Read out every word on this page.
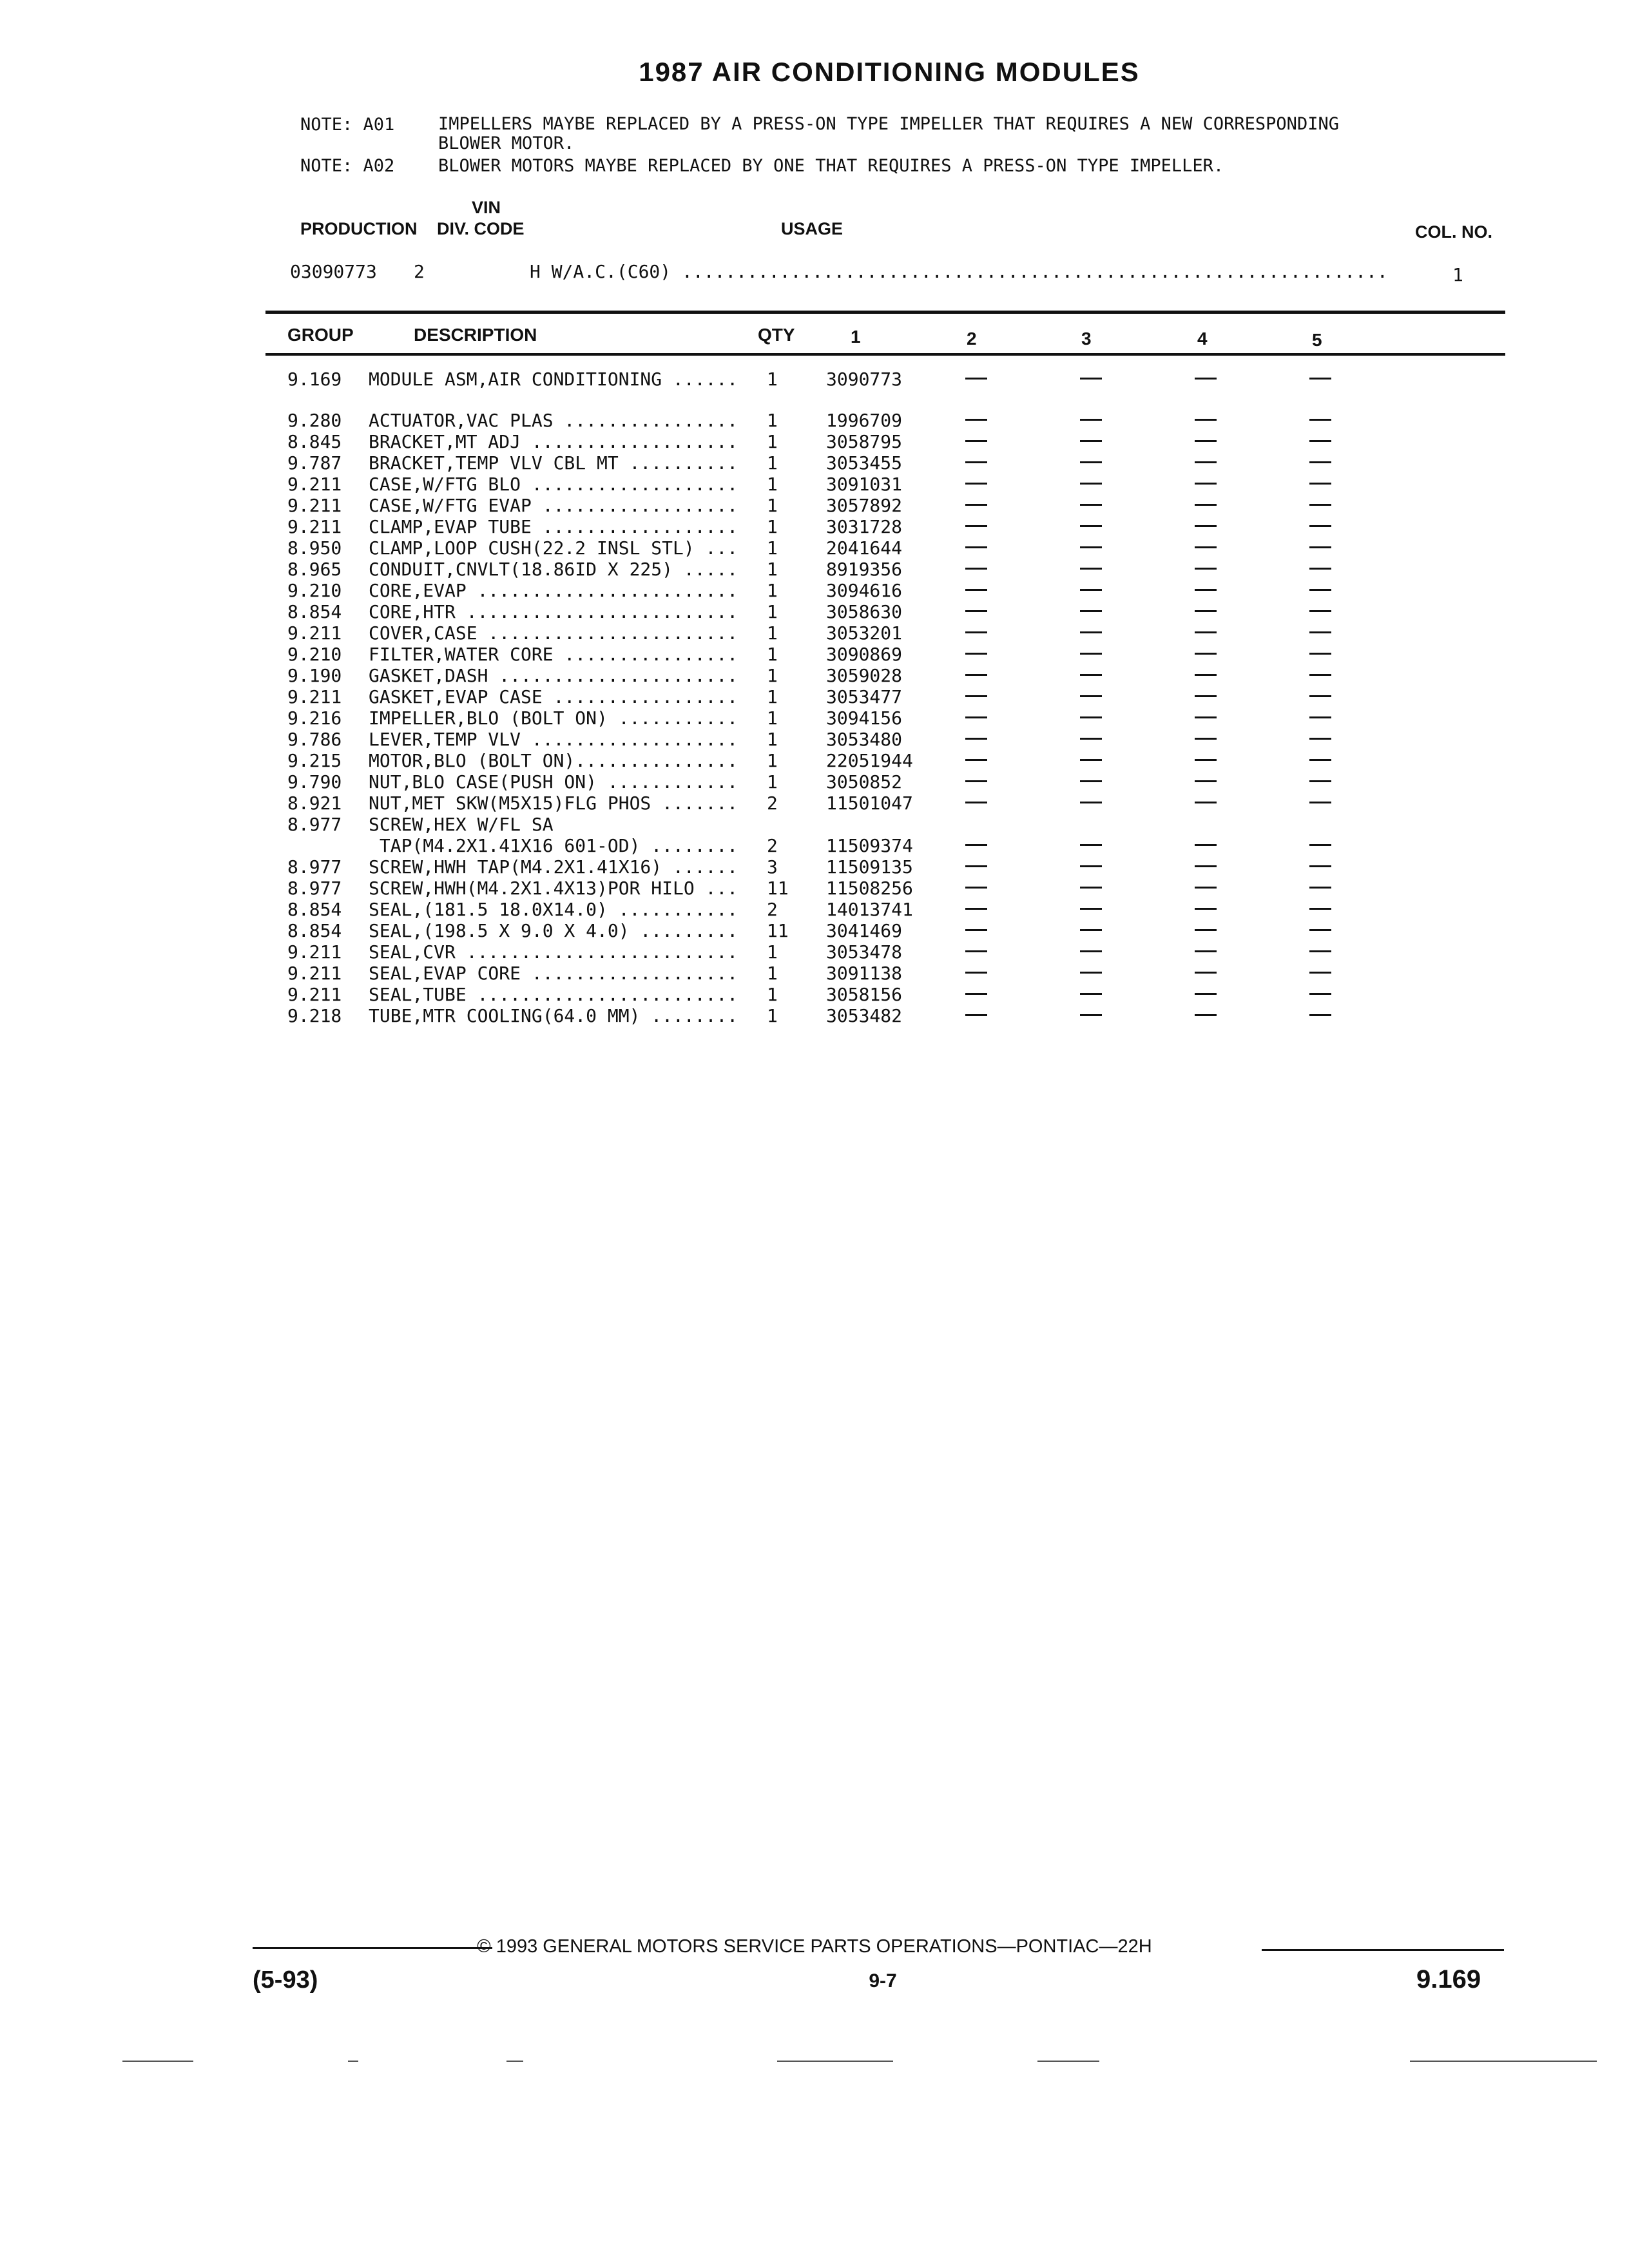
1987 AIR CONDITIONING MODULES
NOTE: A01	IMPELLERS MAYBE REPLACED BY A PRESS-ON TYPE IMPELLER THAT REQUIRES A NEW CORRESPONDING
BLOWER MOTOR.
NOTE: A02	BLOWER MOTORS MAYBE REPLACED BY ONE THAT REQUIRES A PRESS-ON TYPE IMPELLER.
VIN
PRODUCTION DIV. CODE	USAGE	COL. NO.
03090773 2	H W/A.C.(C60) .................................................................	1
GROUP	DESCRIPTION	QTY	1	2	3	4	5
9.169 MODULE ASM,AIR CONDITIONING ...... 1	3090773
9.280 ACTUATOR,VAC PLAS ................ 1	1996709
8.845 BRACKET,MT ADJ ................... 1	3058795
9.787 BRACKET,TEMP VLV CBL MT .......... 1	3053455
9.211 CASE,W/FTG BLO ................... 1	3091031
9.211 CASE,W/FTG EVAP .................. 1	3057892
9.211 CLAMP,EVAP TUBE .................. 1	3031728
8.950 CLAMP,LOOP CUSH(22.2 INSL STL) ... 1	2041644
8.965 CONDUIT,CNVLT(18.86ID X 225) ..... 1	8919356
9.210 CORE,EVAP ........................ 1	3094616
8.854 CORE,HTR ......................... 1	3058630
9.211 COVER,CASE ....................... 1	3053201
9.210 FILTER,WATER CORE ................ 1	3090869
9.190 GASKET,DASH ...................... 1	3059028
9.211 GASKET,EVAP CASE ................. 1	3053477
9.216 IMPELLER,BLO (BOLT ON) ........... 1	3094156
9.786 LEVER,TEMP VLV ................... 1	3053480
9.215 MOTOR,BLO (BOLT ON)............... 1	22051944
9.790 NUT,BLO CASE(PUSH ON) ............ 1	3050852
8.921 NUT,MET SKW(M5X15)FLG PHOS ....... 2	11501047
8.977 SCREW,HEX W/FL SA
TAP(M4.2X1.41X16 601-OD) ........ 2	11509374
8.977 SCREW,HWH TAP(M4.2X1.41X16) ...... 3	11509135
8.977 SCREW,HWH(M4.2X1.4X13)POR HILO ... 11 11508256
8.854 SEAL,(181.5 18.0X14.0) ........... 2	14013741
8.854 SEAL,(198.5 X 9.0 X 4.0) ......... 11 3041469
9.211 SEAL,CVR ......................... 1	3053478
9.211 SEAL,EVAP CORE ................... 1	3091138
9.211 SEAL,TUBE ........................ 1	3058156
9.218 TUBE,MTR COOLING(64.0 MM) ........ 1	3053482
© 1993 GENERAL MOTORS SERVICE PARTS OPERATIONS—PONTIAC—22H
(5-93)	9-7	9.169
